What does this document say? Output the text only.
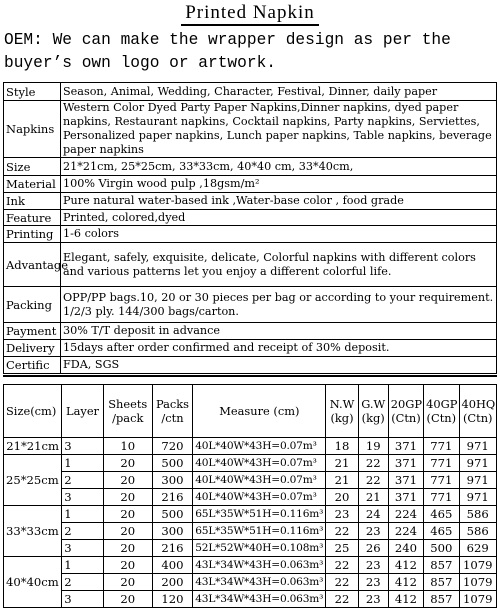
Printed Napkin
OEM: We can make the wrapper design as per the buyer’s own logo or artwork.
Style	Season, Animal, Wedding, Character, Festival, Dinner, daily paper
Napkins	Western Color Dyed Party Paper Napkins,Dinner napkins, dyed paper napkins, Restaurant napkins, Cocktail napkins, Party napkins, Serviettes, Personalized paper napkins, Lunch paper napkins, Table napkins, beverage paper napkins
Size	21*21cm, 25*25cm, 33*33cm, 40*40 cm, 33*40cm,
Material	100% Virgin wood pulp ,18gsm/m²
Ink	Pure natural water-based ink ,Water-base color , food grade
Feature	Printed, colored,dyed
Printing	1-6 colors
Advantage	Elegant, safely, exquisite, delicate, Colorful napkins with different colors and various patterns let you enjoy a different colorful life.
Packing	OPP/PP bags.10, 20 or 30 pieces per bag or according to your requirement. 1/2/3 ply. 144/300 bags/carton.
Payment	30% T/T deposit in advance
Delivery	15days after order confirmed and receipt of 30% deposit.
Certific	FDA, SGS
Size(cm)	Layer	Sheets /pack	Packs /ctn	Measure (cm)	N.W (kg)	G.W (kg)	20GP (Ctn)	40GP (Ctn)	40HQ (Ctn)
21*21cm	3	10	720	40L*40W*43H=0.07m³	18	19	371	771	971
25*25cm	1	20	500	40L*40W*43H=0.07m³	21	22	371	771	971
	2	20	300	40L*40W*43H=0.07m³	21	22	371	771	971
	3	20	216	40L*40W*43H=0.07m³	20	21	371	771	971
33*33cm	1	20	500	65L*35W*51H=0.116m³	23	24	224	465	586
	2	20	300	65L*35W*51H=0.116m³	22	23	224	465	586
	3	20	216	52L*52W*40H=0.108m³	25	26	240	500	629
40*40cm	1	20	400	43L*34W*43H=0.063m³	22	23	412	857	1079
	2	20	200	43L*34W*43H=0.063m³	22	23	412	857	1079
	3	20	120	43L*34W*43H=0.063m³	22	23	412	857	1079
